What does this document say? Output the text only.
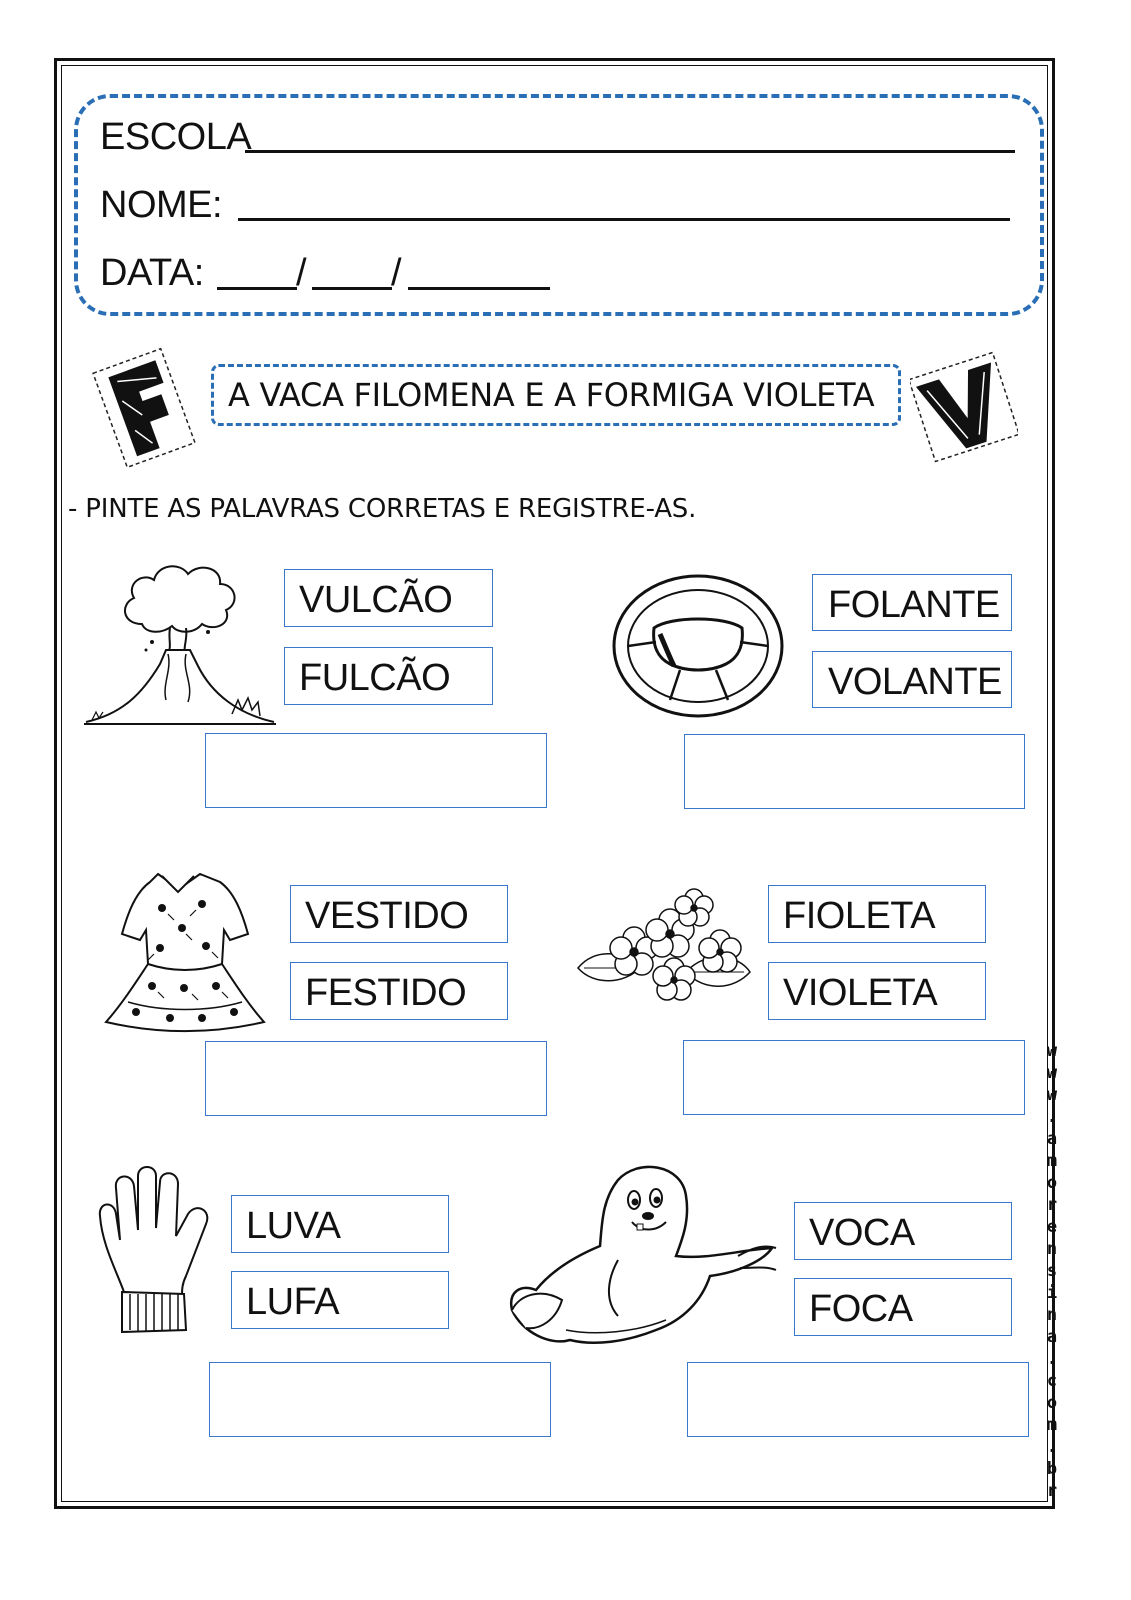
ESCOLA
NOME:
DATA: / /
F
V
A VACA FILOMENA E A FORMIGA VIOLETA
- PINTE AS PALAVRAS CORRETAS E REGISTRE-AS.
VULCÃO
FULCÃO
FOLANTE
VOLANTE
VESTIDO
FESTIDO
FIOLETA
VIOLETA
LUVA
LUFA
VOCA
FOCA
w
w
w
.
a
m
o
r
e
n
s
i
n
a
.
c
o
m
.
b
r
